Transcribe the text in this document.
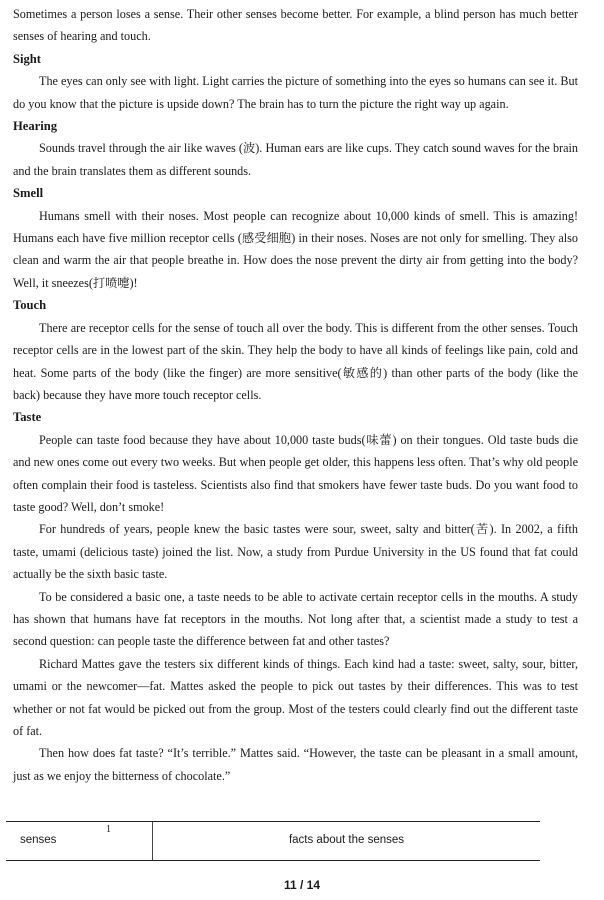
Sometimes a person loses a sense. Their other senses become better. For example, a blind person has much better senses of hearing and touch.

Sight

The eyes can only see with light. Light carries the picture of something into the eyes so humans can see it. But do you know that the picture is upside down? The brain has to turn the picture the right way up again.

Hearing

Sounds travel through the air like waves (波). Human ears are like cups. They catch sound waves for the brain and the brain translates them as different sounds.

Smell

Humans smell with their noses. Most people can recognize about 10,000 kinds of smell. This is amazing! Humans each have five million receptor cells (感受细胞) in their noses. Noses are not only for smelling. They also clean and warm the air that people breathe in. How does the nose prevent the dirty air from getting into the body? Well, it sneezes(打喷嚏)!

Touch

There are receptor cells for the sense of touch all over the body. This is different from the other senses. Touch receptor cells are in the lowest part of the skin. They help the body to have all kinds of feelings like pain, cold and heat. Some parts of the body (like the finger) are more sensitive(敏感的) than other parts of the body (like the back) because they have more touch receptor cells.

Taste

People can taste food because they have about 10,000 taste buds(味蕾) on their tongues. Old taste buds die and new ones come out every two weeks. But when people get older, this happens less often. That’s why old people often complain their food is tasteless. Scientists also find that smokers have fewer taste buds. Do you want food to taste good? Well, don’t smoke!

For hundreds of years, people knew the basic tastes were sour, sweet, salty and bitter(苦). In 2002, a fifth taste, umami (delicious taste) joined the list. Now, a study from Purdue University in the US found that fat could actually be the sixth basic taste.

To be considered a basic one, a taste needs to be able to activate certain receptor cells in the mouths. A study has shown that humans have fat receptors in the mouths. Not long after that, a scientist made a study to test a second question: can people taste the difference between fat and other tastes?

Richard Mattes gave the testers six different kinds of things. Each kind had a taste: sweet, salty, sour, bitter, umami or the newcomer—fat. Mattes asked the people to pick out tastes by their differences. This was to test whether or not fat would be picked out from the group. Most of the testers could clearly find out the different taste of fat.

Then how does fat taste? “It’s terrible.” Mattes said. “However, the taste can be pleasant in a small amount, just as we enjoy the bitterness of chocolate.”

senses
1
facts about the senses
11 / 14
